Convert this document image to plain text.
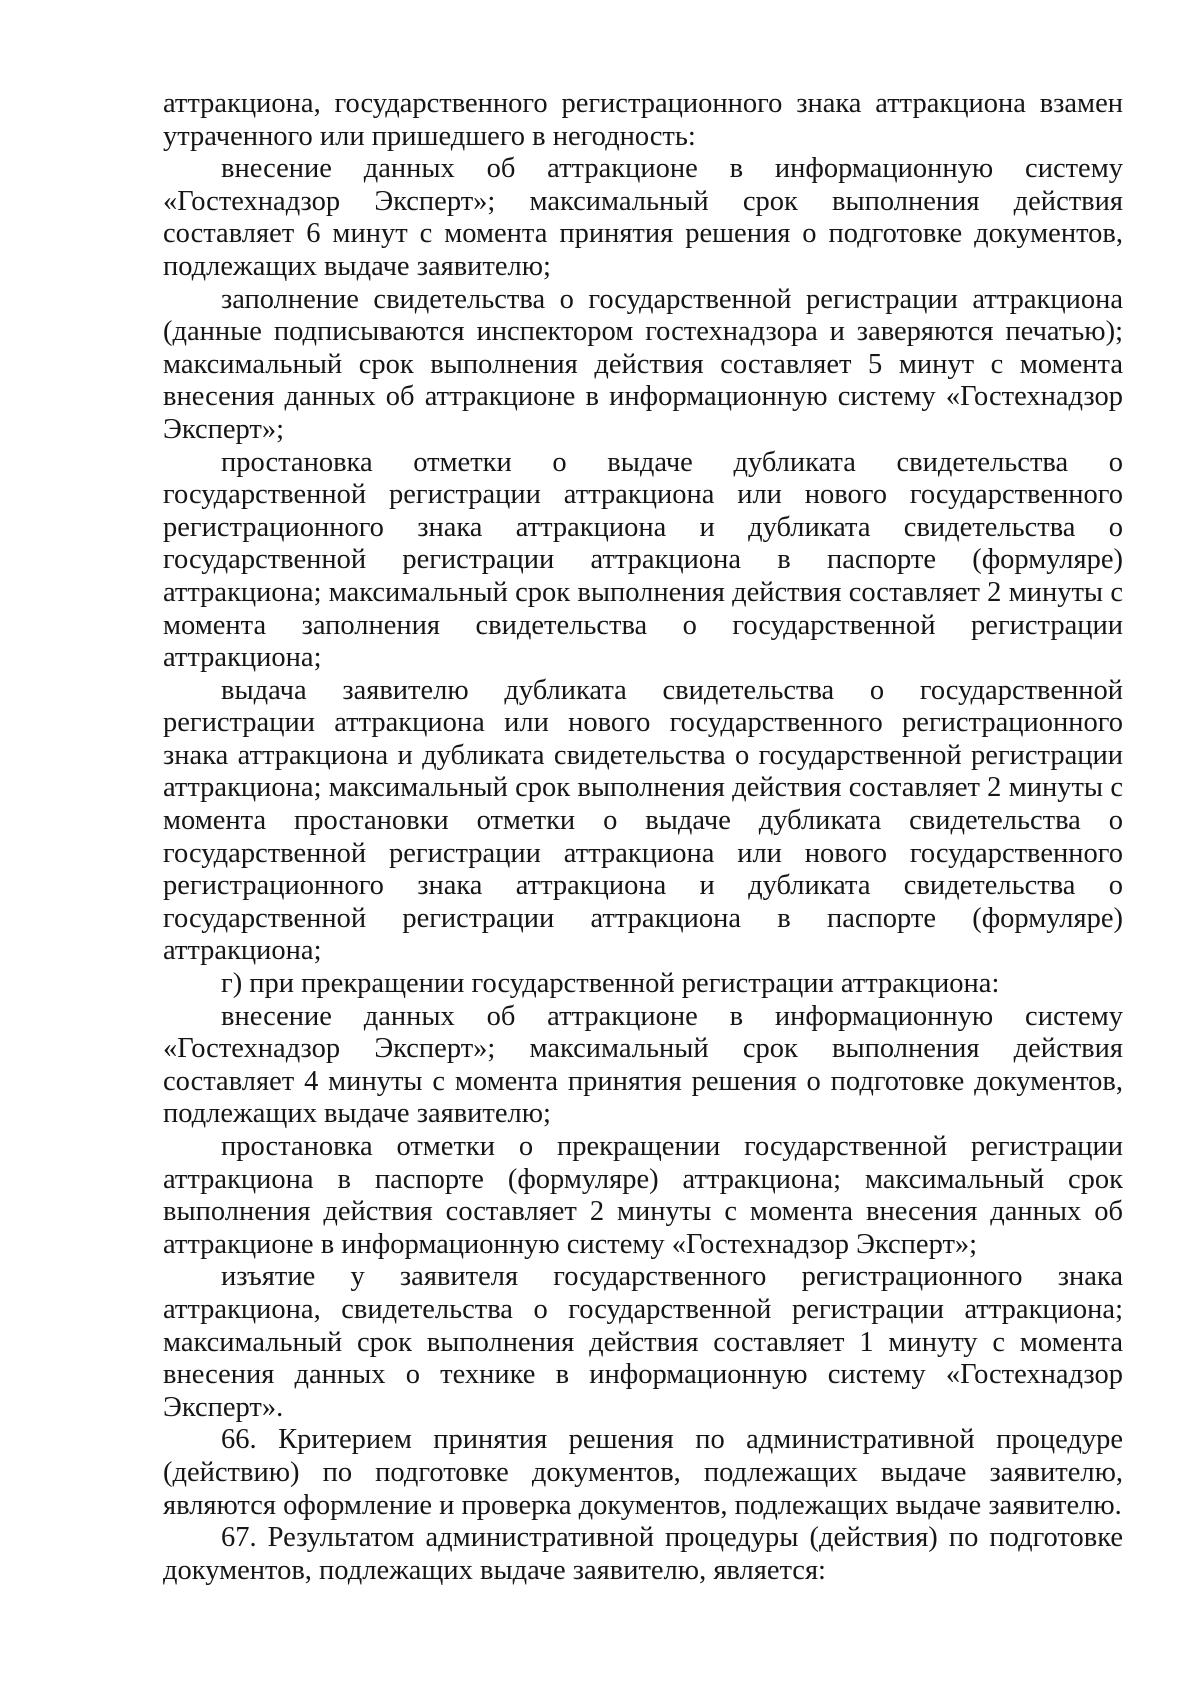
аттракциона, государственного регистрационного знака аттракциона взамен утраченного или пришедшего в негодность:

внесение данных об аттракционе в информационную систему «Гостехнадзор Эксперт»; максимальный срок выполнения действия составляет 6 минут с момента принятия решения о подготовке документов, подлежащих выдаче заявителю;

заполнение свидетельства о государственной регистрации аттракциона (данные подписываются инспектором гостехнадзора и заверяются печатью); максимальный срок выполнения действия составляет 5 минут с момента внесения данных об аттракционе в информационную систему «Гостехнадзор Эксперт»;

простановка отметки о выдаче дубликата свидетельства о государственной регистрации аттракциона или нового государственного регистрационного знака аттракциона и дубликата свидетельства о государственной регистрации аттракциона в паспорте (формуляре) аттракциона; максимальный срок выполнения действия составляет 2 минуты с момента заполнения свидетельства о государственной регистрации аттракциона;

выдача заявителю дубликата свидетельства о государственной регистрации аттракциона или нового государственного регистрационного знака аттракциона и дубликата свидетельства о государственной регистрации аттракциона; максимальный срок выполнения действия составляет 2 минуты с момента простановки отметки о выдаче дубликата свидетельства о государственной регистрации аттракциона или нового государственного регистрационного знака аттракциона и дубликата свидетельства о государственной регистрации аттракциона в паспорте (формуляре) аттракциона;

г) при прекращении государственной регистрации аттракциона:

внесение данных об аттракционе в информационную систему «Гостехнадзор Эксперт»; максимальный срок выполнения действия составляет 4 минуты с момента принятия решения о подготовке документов, подлежащих выдаче заявителю;

простановка отметки о прекращении государственной регистрации аттракциона в паспорте (формуляре) аттракциона; максимальный срок выполнения действия составляет 2 минуты с момента внесения данных об аттракционе в информационную систему «Гостехнадзор Эксперт»;

изъятие у заявителя государственного регистрационного знака аттракциона, свидетельства о государственной регистрации аттракциона; максимальный срок выполнения действия составляет 1 минуту с момента внесения данных о технике в информационную систему «Гостехнадзор Эксперт».

66. Критерием принятия решения по административной процедуре (действию) по подготовке документов, подлежащих выдаче заявителю, являются оформление и проверка документов, подлежащих выдаче заявителю.

67. Результатом административной процедуры (действия) по подготовке документов, подлежащих выдаче заявителю, является:
